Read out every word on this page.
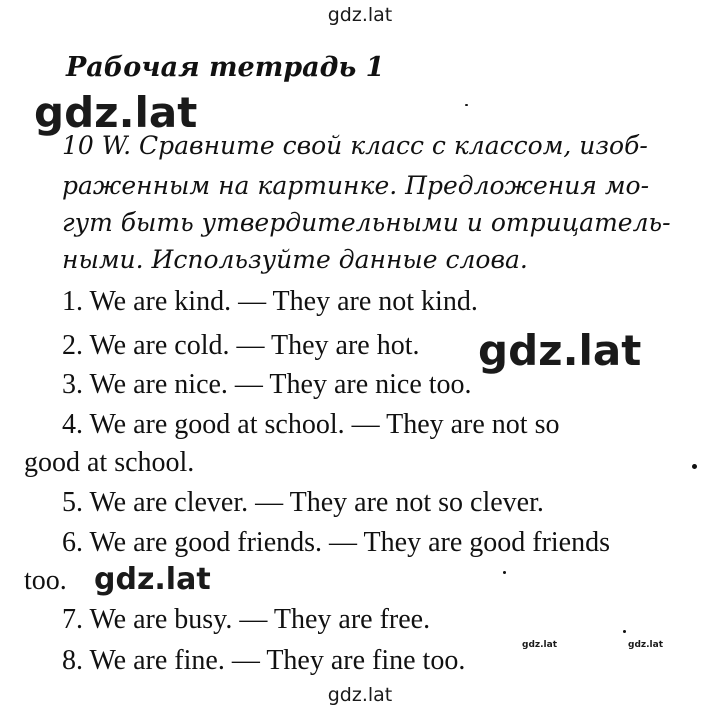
gdz.lat
Рабочая тетрадь 1
gdz.lat
10 W. Сравните свой класс с классом, изоб-
раженным на картинке. Предложения мо-
гут быть утвердительными и отрицатель-
ными. Используйте данные слова.
1. We are kind. — They are not kind.
2. We are cold. — They are hot. gdz.lat
3. We are nice. — They are nice too.
4. We are good at school. — They are not so
good at school.
5. We are clever. — They are not so clever.
6. We are good friends. — They are good friends
too. gdz.lat
7. We are busy. — They are free.
8. We are fine. — They are fine too.	gdz.lat	gdz.lat
gdz.lat
